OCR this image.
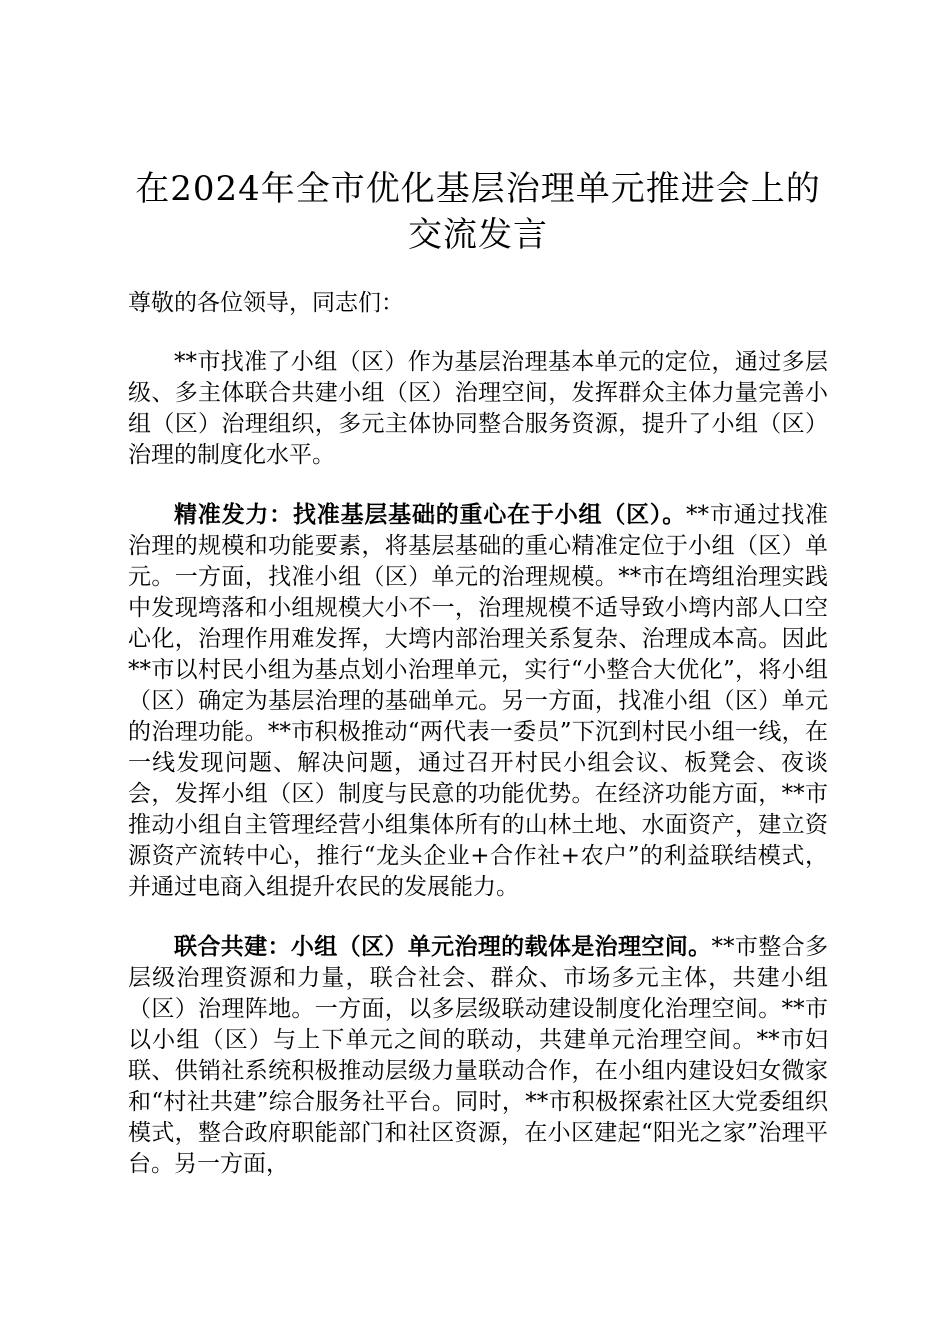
在2024年全市优化基层治理单元推进会上的
交流发言

尊敬的各位领导，同志们：

**市找准了小组（区）作为基层治理基本单元的定位，通过多层级、多主体联合共建小组（区）治理空间，发挥群众主体力量完善小组（区）治理组织，多元主体协同整合服务资源，提升了小组（区）治理的制度化水平。

精准发力：找准基层基础的重心在于小组（区）。**市通过找准治理的规模和功能要素，将基层基础的重心精准定位于小组（区）单元。一方面，找准小组（区）单元的治理规模。**市在塆组治理实践中发现塆落和小组规模大小不一，治理规模不适导致小塆内部人口空心化，治理作用难发挥，大塆内部治理关系复杂、治理成本高。因此**市以村民小组为基点划小治理单元，实行“小整合大优化”，将小组（区）确定为基层治理的基础单元。另一方面，找准小组（区）单元的治理功能。**市积极推动“两代表一委员”下沉到村民小组一线，在一线发现问题、解决问题，通过召开村民小组会议、板凳会、夜谈会，发挥小组（区）制度与民意的功能优势。在经济功能方面，**市推动小组自主管理经营小组集体所有的山林土地、水面资产，建立资源资产流转中心，推行“龙头企业+合作社+农户”的利益联结模式，并通过电商入组提升农民的发展能力。

联合共建：小组（区）单元治理的载体是治理空间。**市整合多层级治理资源和力量，联合社会、群众、市场多元主体，共建小组（区）治理阵地。一方面，以多层级联动建设制度化治理空间。**市以小组（区）与上下单元之间的联动，共建单元治理空间。**市妇联、供销社系统积极推动层级力量联动合作，在小组内建设妇女微家和“村社共建”综合服务社平台。同时，**市积极探索社区大党委组织模式，整合政府职能部门和社区资源，在小区建起“阳光之家”治理平台。另一方面，
